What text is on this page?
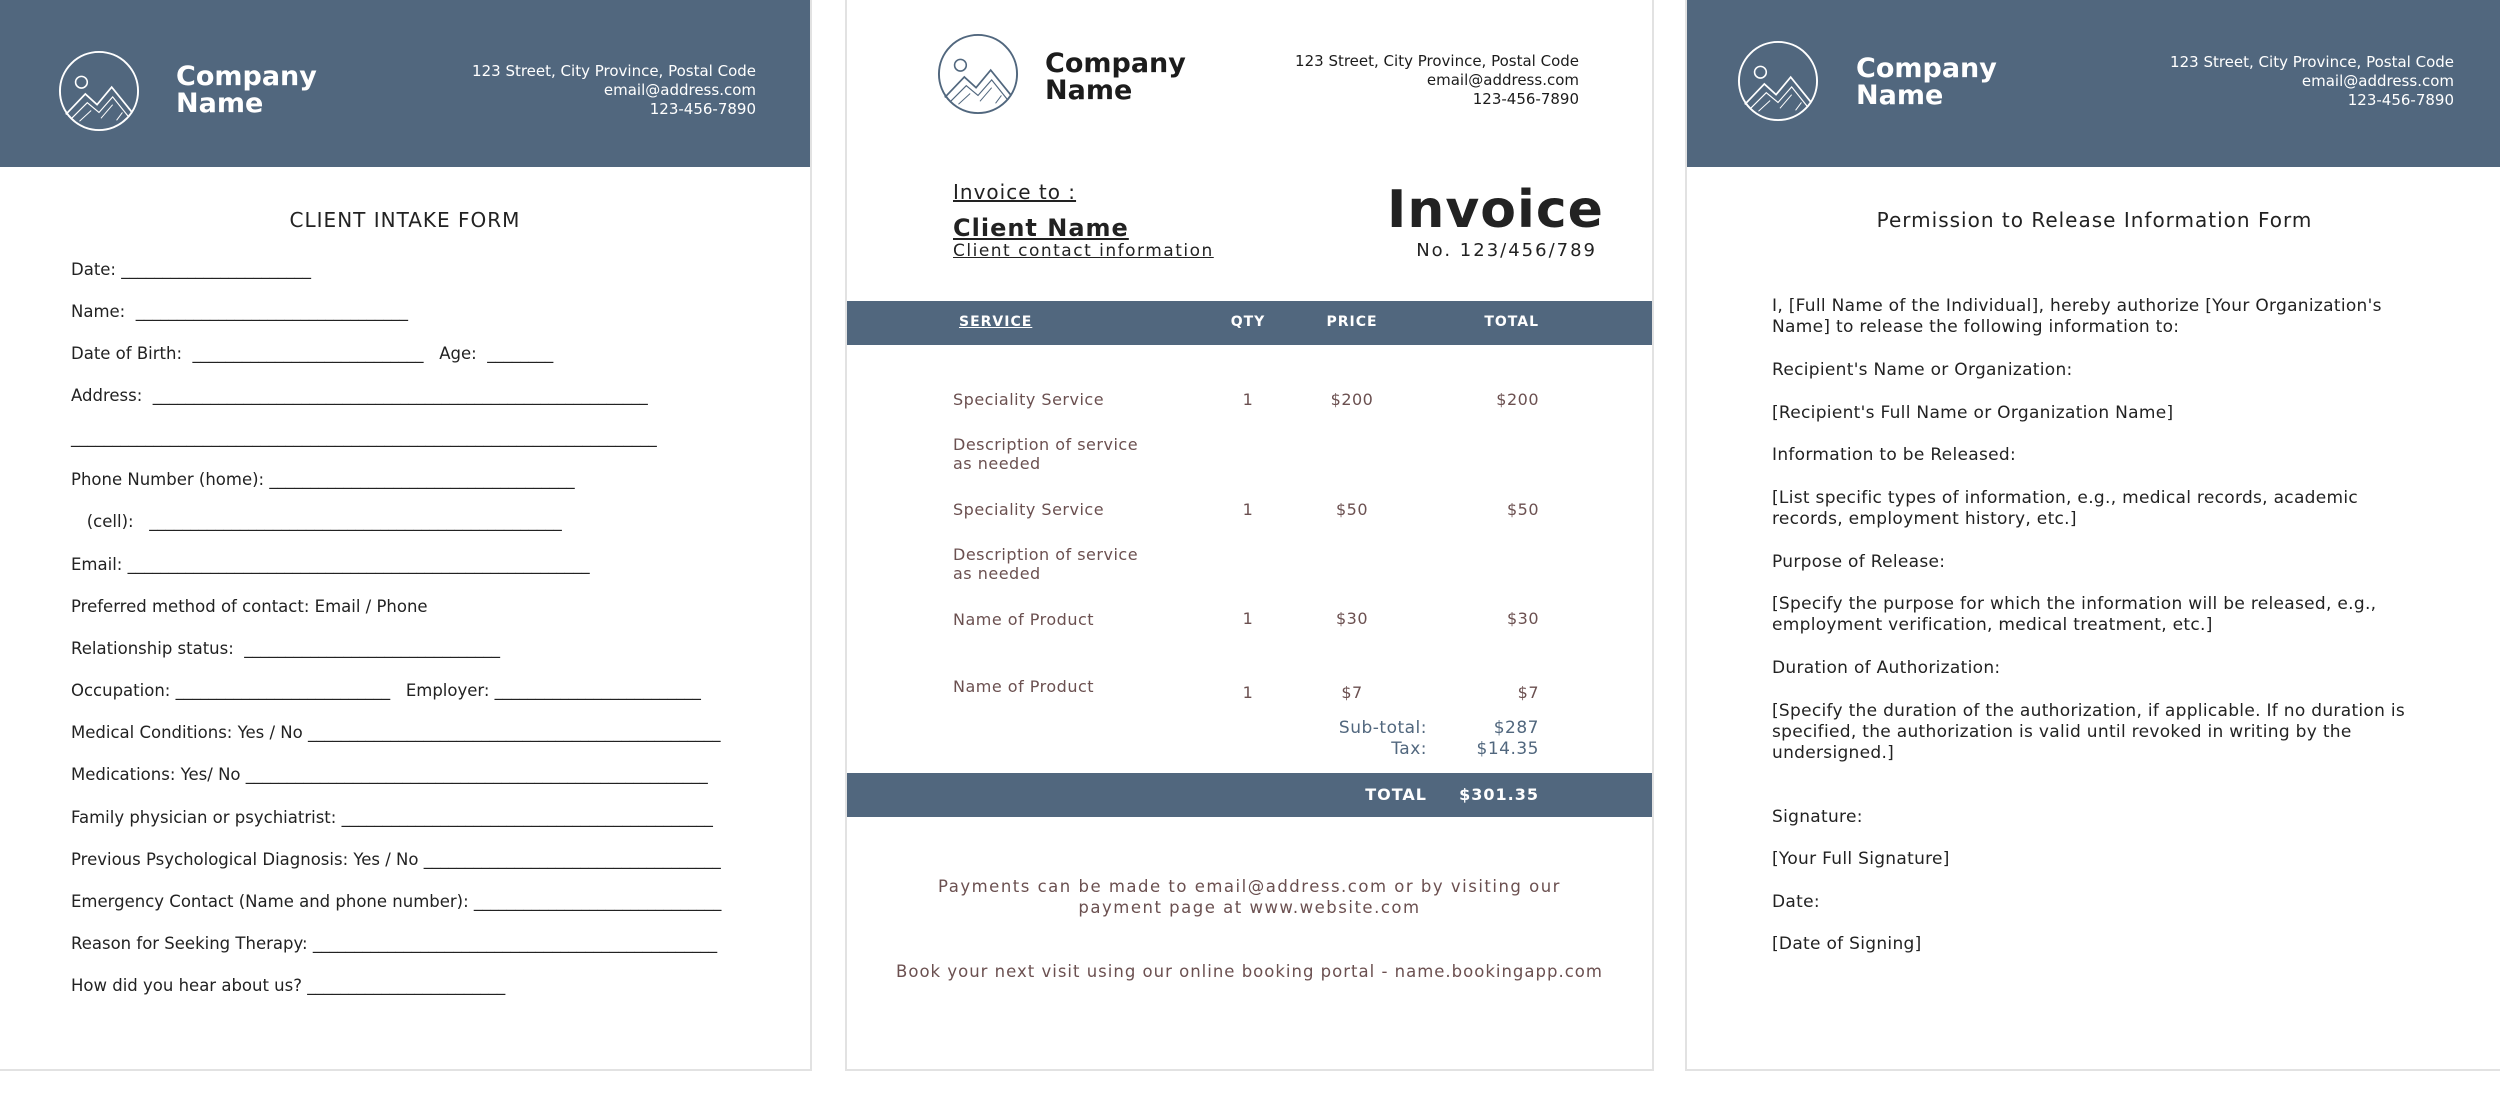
Company
Name
123 Street, City Province, Postal Code
email@address.com
123-456-7890
CLIENT INTAKE FORM
Date: _______________________
Name:  _________________________________
Date of Birth:  ____________________________   Age:  ________
Address:  ____________________________________________________________
_______________________________________________________________________
Phone Number (home): _____________________________________
(cell):   __________________________________________________
Email: ________________________________________________________
Preferred method of contact: Email / Phone
Relationship status:  _______________________________
Occupation: __________________________   Employer: _________________________
Medical Conditions: Yes / No __________________________________________________
Medications: Yes/ No ________________________________________________________
Family physician or psychiatrist: _____________________________________________
Previous Psychological Diagnosis: Yes / No ____________________________________
Emergency Contact (Name and phone number): ______________________________
Reason for Seeking Therapy: _________________________________________________
How did you hear about us? ________________________
Company
Name
123 Street, City Province, Postal Code
email@address.com
123-456-7890
Invoice to :
Client Name
Client contact information
Invoice
No. 123/456/789
SERVICE	QTY	PRICE	TOTAL
Speciality Service	1	$200	$200
Description of service
as needed
Speciality Service	1	$50	$50
Description of service
as needed
Name of Product	1	$30	$30
Name of Product	1	$7	$7
Sub-total:	$287
Tax:	$14.35
TOTAL	$301.35
Payments can be made to email@address.com or by visiting our
payment page at www.website.com
Book your next visit using our online booking portal - name.bookingapp.com
Company
Name
123 Street, City Province, Postal Code
email@address.com
123-456-7890
Permission to Release Information Form
I, [Full Name of the Individual], hereby authorize [Your Organization's Name] to release the following information to:
Recipient's Name or Organization:
[Recipient's Full Name or Organization Name]
Information to be Released:
[List specific types of information, e.g., medical records, academic records, employment history, etc.]
Purpose of Release:
[Specify the purpose for which the information will be released, e.g., employment verification, medical treatment, etc.]
Duration of Authorization:
[Specify the duration of the authorization, if applicable. If no duration is specified, the authorization is valid until revoked in writing by the undersigned.]
Signature:
[Your Full Signature]
Date:
[Date of Signing]
